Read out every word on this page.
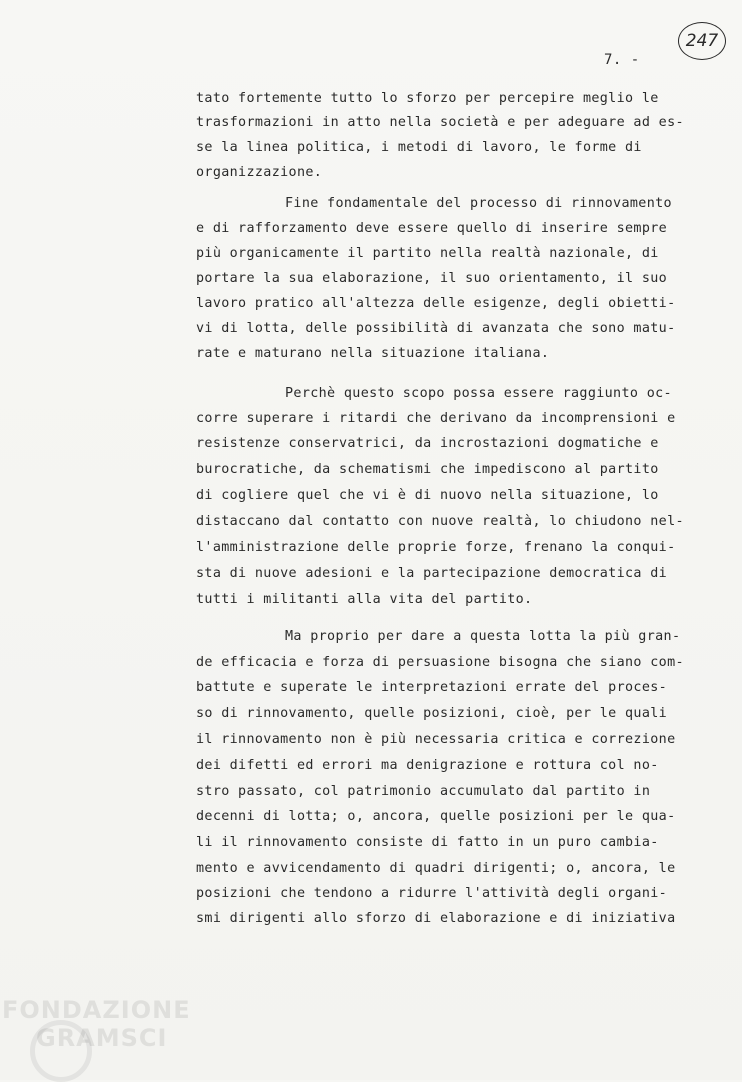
247
7. -
tato fortemente tutto lo sforzo per percepire meglio le
trasformazioni in atto nella società e per adeguare ad es-
se la linea politica, i metodi di lavoro, le forme di
organizzazione.
Fine fondamentale del processo di rinnovamento
e di rafforzamento deve essere quello di inserire sempre
più organicamente il partito nella realtà nazionale, di
portare la sua elaborazione, il suo orientamento, il suo
lavoro pratico all'altezza delle esigenze, degli obietti-
vi di lotta, delle possibilità di avanzata che sono matu-
rate e maturano nella situazione italiana.
Perchè questo scopo possa essere raggiunto oc-
corre superare i ritardi che derivano da incomprensioni e
resistenze conservatrici, da incrostazioni dogmatiche e
burocratiche, da schematismi che impediscono al partito
di cogliere quel che vi è di nuovo nella situazione, lo
distaccano dal contatto con nuove realtà, lo chiudono nel-
l'amministrazione delle proprie forze, frenano la conqui-
sta di nuove adesioni e la partecipazione democratica di
tutti i militanti alla vita del partito.
Ma proprio per dare a questa lotta la più gran-
de efficacia e forza di persuasione bisogna che siano com-
battute e superate le interpretazioni errate del proces-
so di rinnovamento, quelle posizioni, cioè, per le quali
il rinnovamento non è più necessaria critica e correzione
dei difetti ed errori ma denigrazione e rottura col no-
stro passato, col patrimonio accumulato dal partito in
decenni di lotta; o, ancora, quelle posizioni per le qua-
li il rinnovamento consiste di fatto in un puro cambia-
mento e avvicendamento di quadri dirigenti; o, ancora, le
posizioni che tendono a ridurre l'attività degli organi-
smi dirigenti allo sforzo di elaborazione e di iniziativa
FONDAZIONE
GRAMSCI
